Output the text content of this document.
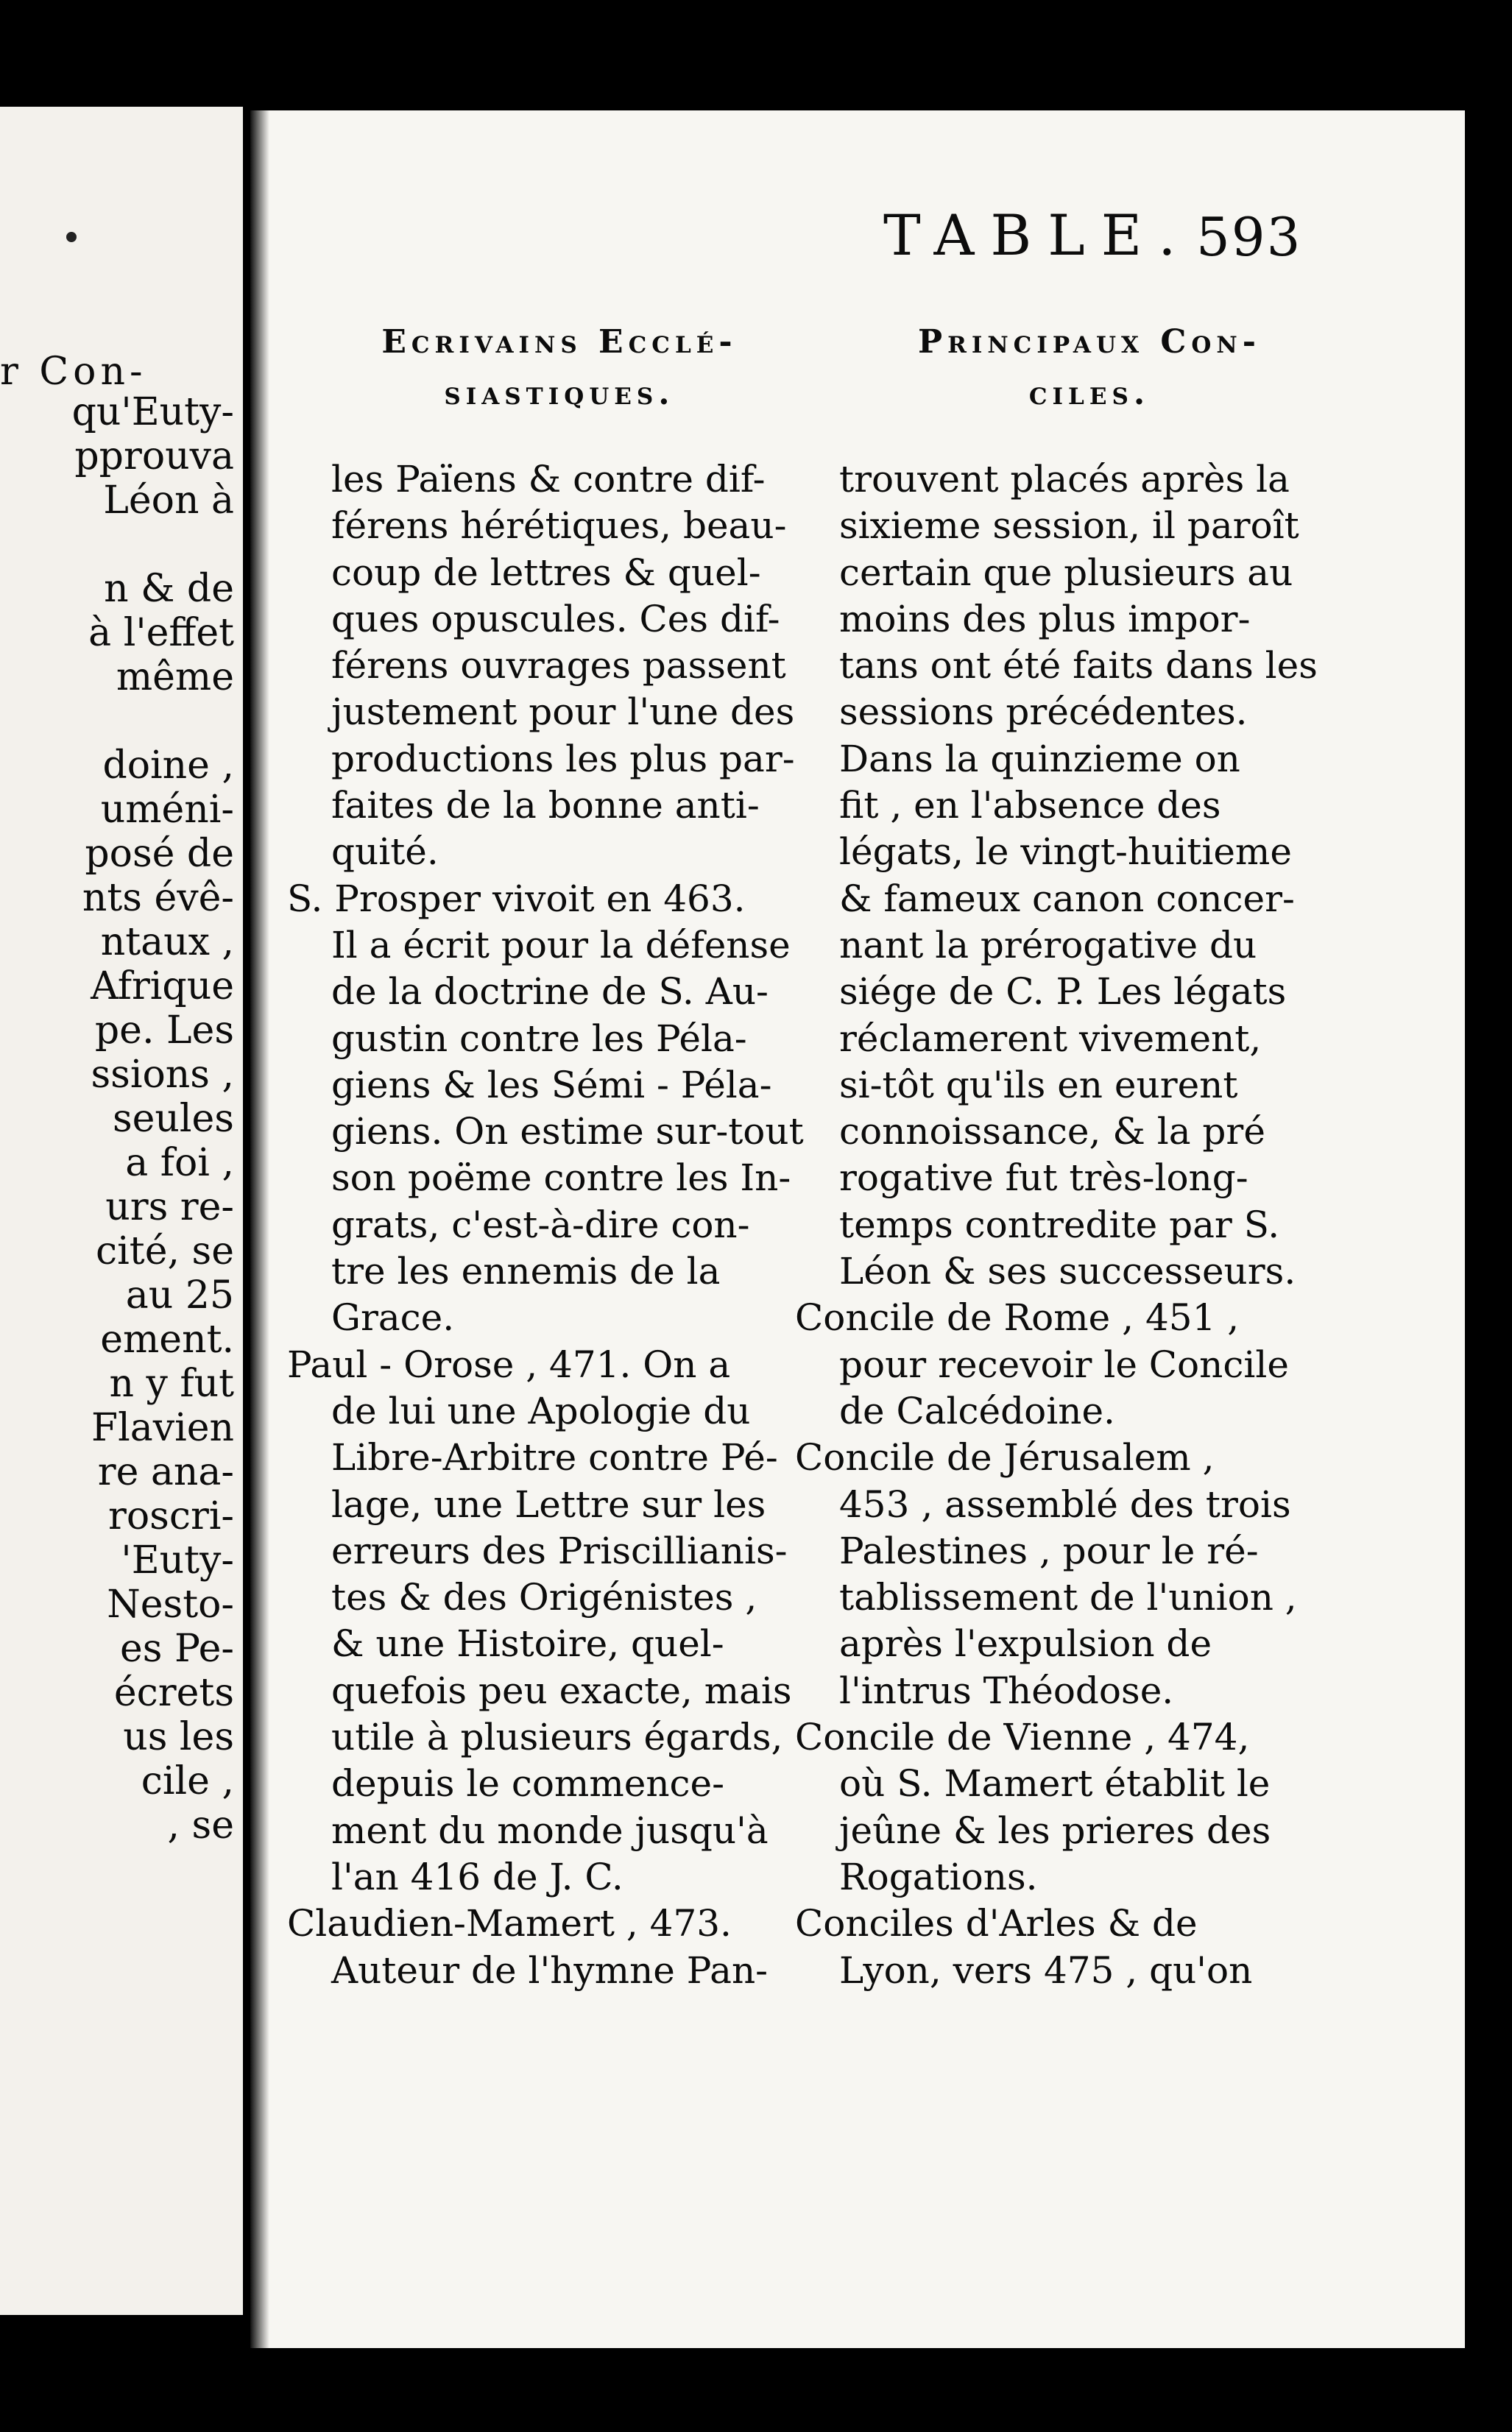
r Con-
qu'Euty-
pprouva
Léon à
n & de
à l'effet
même
doine ,
uméni-
posé de
nts évê-
ntaux ,
Afrique
pe. Les
ssions ,
seules
a foi ,
urs re-
cité, se
au 25
ement.
n y fut
Flavien
re ana-
roscri-
'Euty-
Nesto-
es Pe-
écrets
us les
cile ,
, se
TABLE. 593
Ecrivains Ecclé-
siastiques.
Principaux Con-
ciles.
les Païens & contre dif-
férens hérétiques, beau-
coup de lettres & quel-
ques opuscules. Ces dif-
férens ouvrages passent
justement pour l'une des
productions les plus par-
faites de la bonne anti-
quité.
S. Prosper vivoit en 463.
Il a écrit pour la défense
de la doctrine de S. Au-
gustin contre les Péla-
giens & les Sémi - Péla-
giens. On estime sur-tout
son poëme contre les In-
grats, c'est-à-dire con-
tre les ennemis de la
Grace.
Paul - Orose , 471. On a
de lui une Apologie du
Libre-Arbitre contre Pé-
lage, une Lettre sur les
erreurs des Priscillianis-
tes & des Origénistes ,
& une Histoire, quel-
quefois peu exacte, mais
utile à plusieurs égards,
depuis le commence-
ment du monde jusqu'à
l'an 416 de J. C.
Claudien-Mamert , 473.
Auteur de l'hymne Pan-
trouvent placés après la
sixieme session, il paroît
certain que plusieurs au
moins des plus impor-
tans ont été faits dans les
sessions précédentes.
Dans la quinzieme on
fit , en l'absence des
légats, le vingt-huitieme
& fameux canon concer-
nant la prérogative du
siége de C. P. Les légats
réclamerent vivement,
si-tôt qu'ils en eurent
connoissance, & la pré
rogative fut très-long-
temps contredite par S.
Léon & ses successeurs.
Concile de Rome , 451 ,
pour recevoir le Concile
de Calcédoine.
Concile de Jérusalem ,
453 , assemblé des trois
Palestines , pour le ré-
tablissement de l'union ,
après l'expulsion de
l'intrus Théodose.
Concile de Vienne , 474,
où S. Mamert établit le
jeûne & les prieres des
Rogations.
Conciles d'Arles & de
Lyon, vers 475 , qu'on
